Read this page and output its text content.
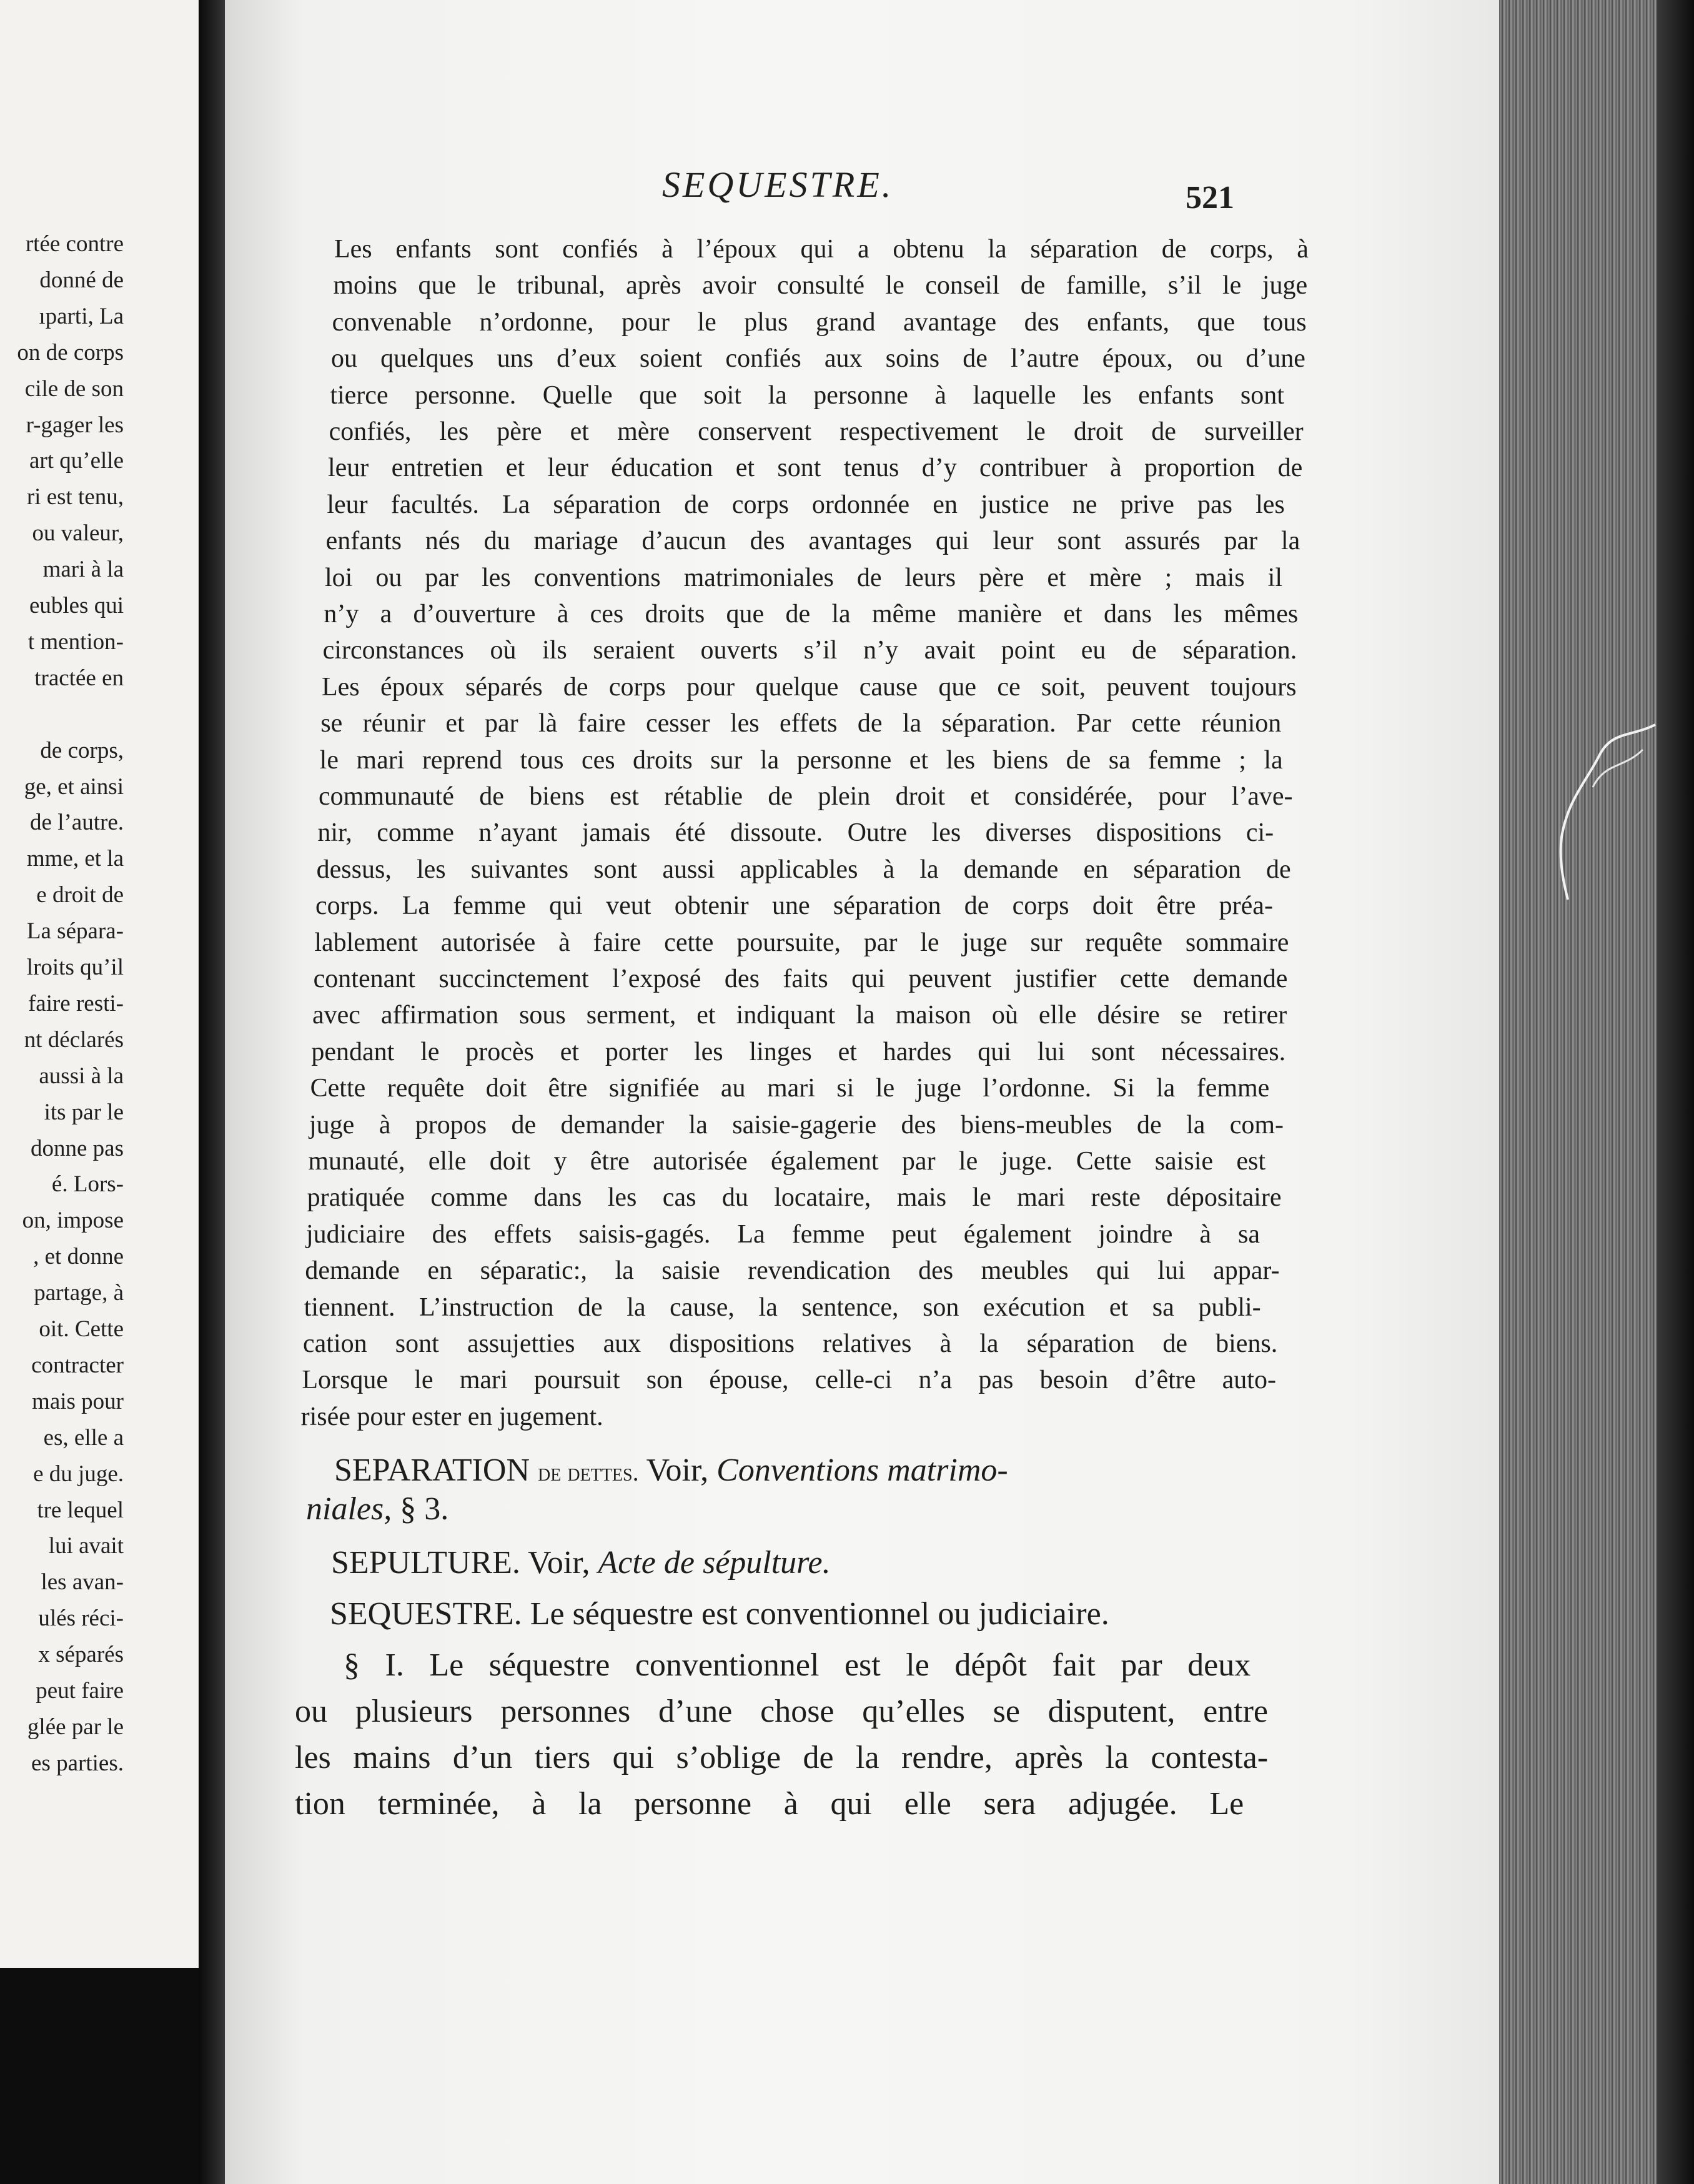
rtée contre
donné de
ıparti, La
on de corps
cile de son
r-gager les
art qu’elle
ri est tenu,
ou valeur,
mari à la
eubles qui
t mention-
tractée en
de corps,
ge, et ainsi
de l’autre.
mme, et la
e droit de
La sépara-
lroits qu’il
faire resti-
nt déclarés
aussi à la
its par le
donne pas
é. Lors-
on, impose
, et donne
partage, à
oit. Cette
contracter
mais pour
es, elle a
e du juge.
tre lequel
lui avait
les avan-
ulés réci-
x séparés
peut faire
glée par le
es parties.
SEQUESTRE.	521
Les enfants sont confiés à l’époux qui a obtenu la séparation de corps, à
moins que le tribunal, après avoir consulté le conseil de famille, s’il le juge
convenable n’ordonne, pour le plus grand avantage des enfants, que tous
ou quelques uns d’eux soient confiés aux soins de l’autre époux, ou d’une
tierce personne. Quelle que soit la personne à laquelle les enfants sont
confiés, les père et mère conservent respectivement le droit de surveiller
leur entretien et leur éducation et sont tenus d’y contribuer à proportion de
leur facultés. La séparation de corps ordonnée en justice ne prive pas les
enfants nés du mariage d’aucun des avantages qui leur sont assurés par la
loi ou par les conventions matrimoniales de leurs père et mère ; mais il
n’y a d’ouverture à ces droits que de la même manière et dans les mêmes
circonstances où ils seraient ouverts s’il n’y avait point eu de séparation.
Les époux séparés de corps pour quelque cause que ce soit, peuvent toujours
se réunir et par là faire cesser les effets de la séparation. Par cette réunion
le mari reprend tous ces droits sur la personne et les biens de sa femme ; la
communauté de biens est rétablie de plein droit et considérée, pour l’ave-
nir, comme n’ayant jamais été dissoute. Outre les diverses dispositions ci-
dessus, les suivantes sont aussi applicables à la demande en séparation de
corps. La femme qui veut obtenir une séparation de corps doit être préa-
lablement autorisée à faire cette poursuite, par le juge sur requête sommaire
contenant succinctement l’exposé des faits qui peuvent justifier cette demande
avec affirmation sous serment, et indiquant la maison où elle désire se retirer
pendant le procès et porter les linges et hardes qui lui sont nécessaires.
Cette requête doit être signifiée au mari si le juge l’ordonne. Si la femme
juge à propos de demander la saisie-gagerie des biens-meubles de la com-
munauté, elle doit y être autorisée également par le juge. Cette saisie est
pratiquée comme dans les cas du locataire, mais le mari reste dépositaire
judiciaire des effets saisis-gagés. La femme peut également joindre à sa
demande en séparatic:, la saisie revendication des meubles qui lui appar-
tiennent. L’instruction de la cause, la sentence, son exécution et sa publi-
cation sont assujetties aux dispositions relatives à la séparation de biens.
Lorsque le mari poursuit son épouse, celle-ci n’a pas besoin d’être auto-
risée pour ester en jugement.
SEPARATION de dettes. Voir, Conventions matrimo-
niales, § 3.
SEPULTURE. Voir, Acte de sépulture.
SEQUESTRE. Le séquestre est conventionnel ou judiciaire.
§ I. Le séquestre conventionnel est le dépôt fait par deux
ou plusieurs personnes d’une chose qu’elles se disputent, entre
les mains d’un tiers qui s’oblige de la rendre, après la contesta-
tion terminée, à la personne à qui elle sera adjugée. Le
